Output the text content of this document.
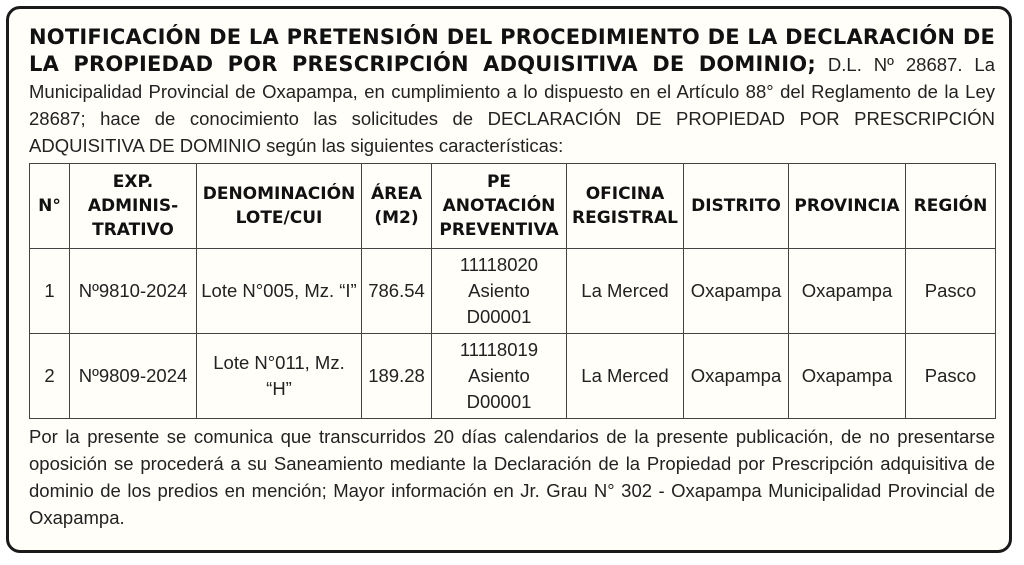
NOTIFICACIÓN DE LA PRETENSIÓN DEL PROCEDIMIENTO DE LA DECLARACIÓN DE LA PROPIEDAD POR PRESCRIPCIÓN ADQUISITIVA DE DOMINIO; D.L. Nº 28687. La Municipalidad Provincial de Oxapampa, en cumplimiento a lo dispuesto en el Artículo 88° del Reglamento de la Ley 28687; hace de conocimiento las solicitudes de DECLARACIÓN DE PROPIEDAD POR PRESCRIPCIÓN ADQUISITIVA DE DOMINIO según las siguientes características:

N°	EXP. ADMINIS-TRATIVO	DENOMINACIÓN LOTE/CUI	ÁREA (M2)	PE ANOTACIÓN PREVENTIVA	OFICINA REGISTRAL	DISTRITO	PROVINCIA	REGIÓN
1	Nº9810-2024	Lote N°005, Mz. “I”	786.54	11118020 Asiento D00001	La Merced	Oxapampa	Oxapampa	Pasco
2	Nº9809-2024	Lote N°011, Mz. “H”	189.28	11118019 Asiento D00001	La Merced	Oxapampa	Oxapampa	Pasco

Por la presente se comunica que transcurridos 20 días calendarios de la presente publicación, de no presentarse oposición se procederá a su Saneamiento mediante la Declaración de la Propiedad por Prescripción adquisitiva de dominio de los predios en mención; Mayor información en Jr. Grau N° 302 - Oxapampa Municipalidad Provincial de Oxapampa.
